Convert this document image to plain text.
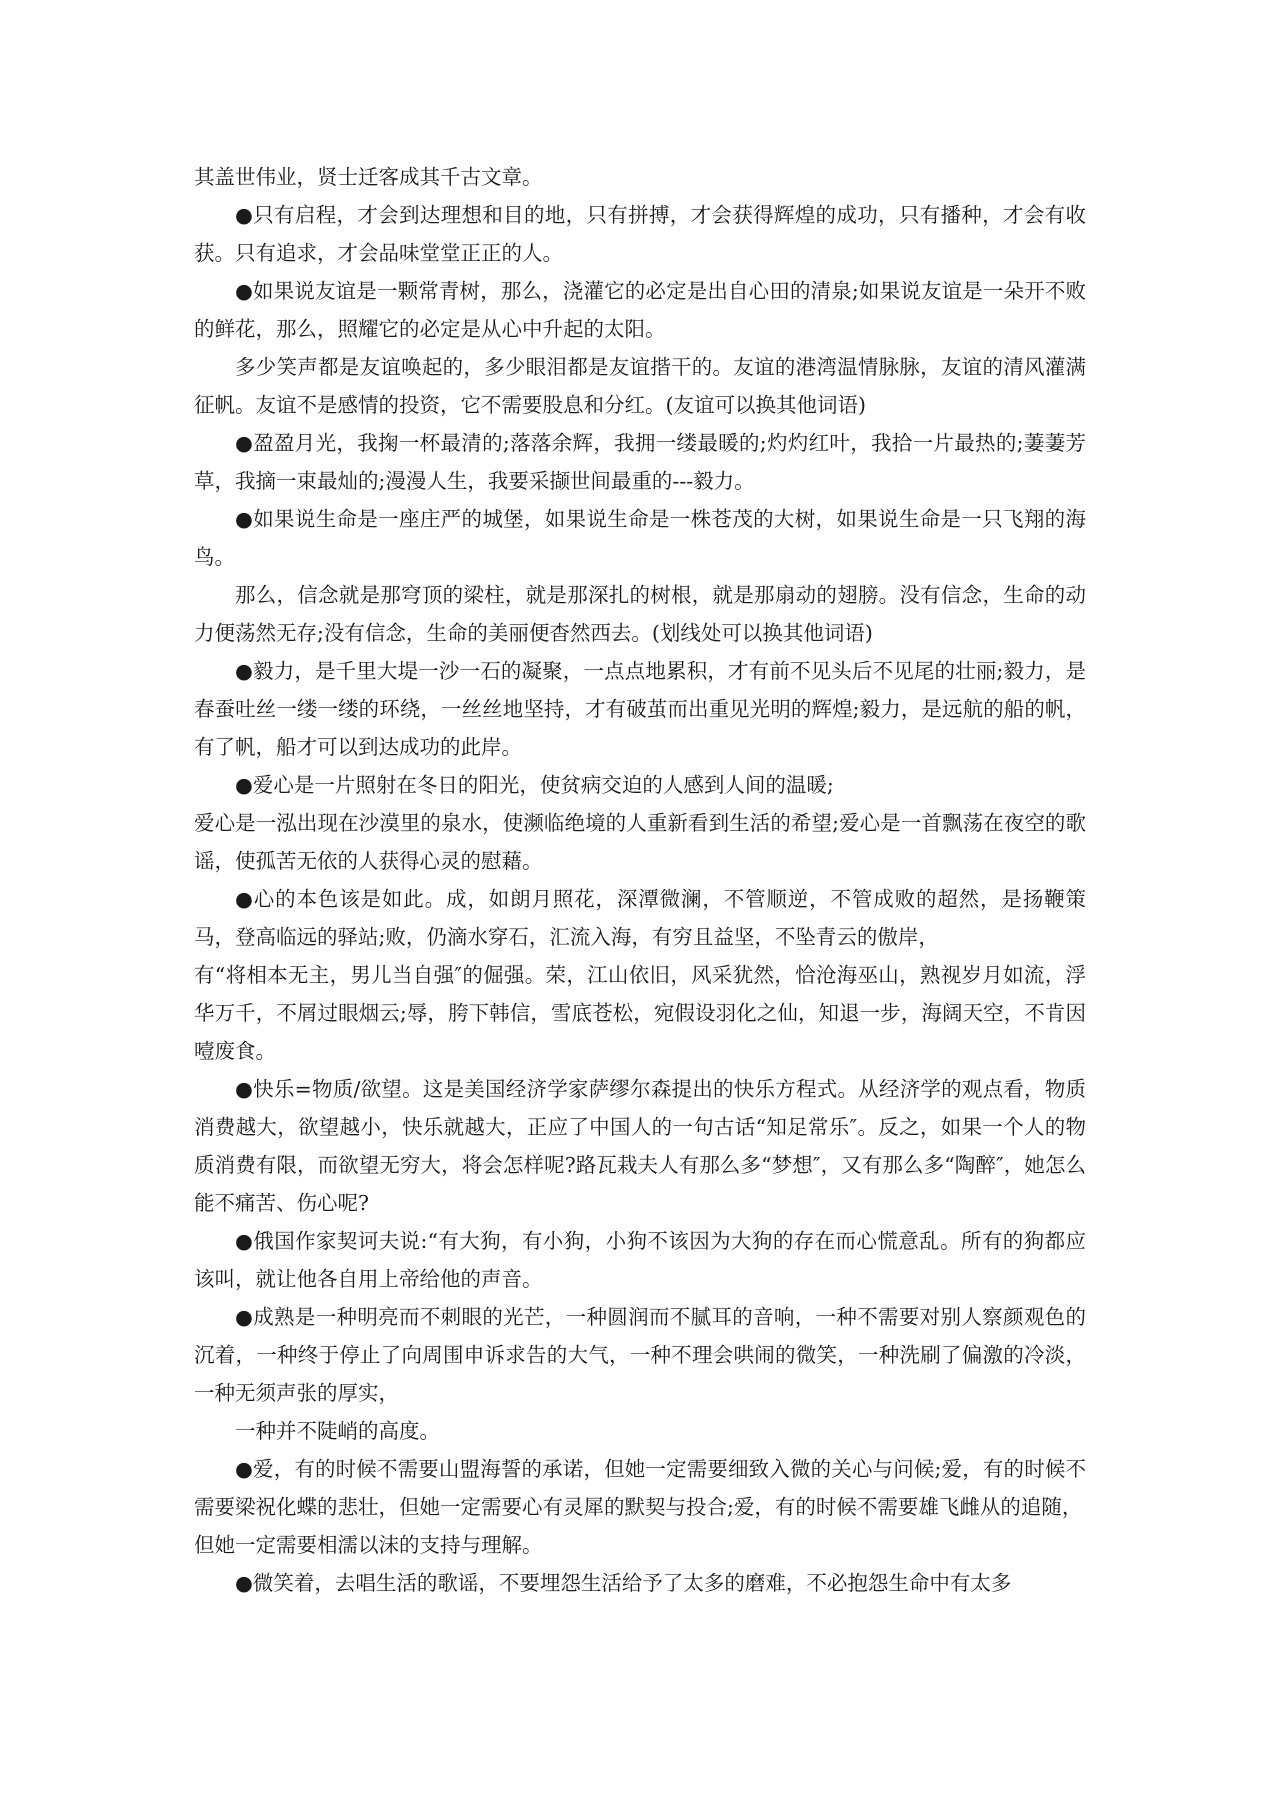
其盖世伟业，贤士迁客成其千古文章。

●只有启程，才会到达理想和目的地，只有拼搏，才会获得辉煌的成功，只有播种，才会有收获。只有追求，才会品味堂堂正正的人。

●如果说友谊是一颗常青树，那么，浇灌它的必定是出自心田的清泉;如果说友谊是一朵开不败的鲜花，那么，照耀它的必定是从心中升起的太阳。

多少笑声都是友谊唤起的，多少眼泪都是友谊揩干的。友谊的港湾温情脉脉，友谊的清风灌满征帆。友谊不是感情的投资，它不需要股息和分红。(友谊可以换其他词语)

●盈盈月光，我掬一杯最清的;落落余辉，我拥一缕最暖的;灼灼红叶，我拾一片最热的;萋萋芳草，我摘一束最灿的;漫漫人生，我要采撷世间最重的---毅力。

●如果说生命是一座庄严的城堡，如果说生命是一株苍茂的大树，如果说生命是一只飞翔的海鸟。

那么，信念就是那穹顶的梁柱，就是那深扎的树根，就是那扇动的翅膀。没有信念，生命的动力便荡然无存;没有信念，生命的美丽便杳然西去。(划线处可以换其他词语)

●毅力，是千里大堤一沙一石的凝聚，一点点地累积，才有前不见头后不见尾的壮丽;毅力，是春蚕吐丝一缕一缕的环绕，一丝丝地坚持，才有破茧而出重见光明的辉煌;毅力，是远航的船的帆，有了帆，船才可以到达成功的此岸。

●爱心是一片照射在冬日的阳光，使贫病交迫的人感到人间的温暖;

爱心是一泓出现在沙漠里的泉水，使濒临绝境的人重新看到生活的希望;爱心是一首飘荡在夜空的歌谣，使孤苦无依的人获得心灵的慰藉。

●心的本色该是如此。成，如朗月照花，深潭微澜，不管顺逆，不管成败的超然，是扬鞭策马，登高临远的驿站;败，仍滴水穿石，汇流入海，有穷且益坚，不坠青云的傲岸，

有“将相本无主，男儿当自强″的倔强。荣，江山依旧，风采犹然，恰沧海巫山，熟视岁月如流，浮华万千，不屑过眼烟云;辱，胯下韩信，雪底苍松，宛假设羽化之仙，知退一步，海阔天空，不肯因噎废食。

●快乐=物质/欲望。这是美国经济学家萨缪尔森提出的快乐方程式。从经济学的观点看，物质消费越大，欲望越小，快乐就越大，正应了中国人的一句古话“知足常乐″。反之，如果一个人的物质消费有限，而欲望无穷大，将会怎样呢?路瓦栽夫人有那么多“梦想″，又有那么多“陶醉″，她怎么能不痛苦、伤心呢?

●俄国作家契诃夫说:“有大狗，有小狗，小狗不该因为大狗的存在而心慌意乱。所有的狗都应该叫，就让他各自用上帝给他的声音。

●成熟是一种明亮而不刺眼的光芒，一种圆润而不腻耳的音响，一种不需要对别人察颜观色的沉着，一种终于停止了向周围申诉求告的大气，一种不理会哄闹的微笑，一种洗刷了偏激的冷淡，一种无须声张的厚实，

一种并不陡峭的高度。

●爱，有的时候不需要山盟海誓的承诺，但她一定需要细致入微的关心与问候;爱，有的时候不需要梁祝化蝶的悲壮，但她一定需要心有灵犀的默契与投合;爱，有的时候不需要雄飞雌从的追随，

但她一定需要相濡以沫的支持与理解。

●微笑着，去唱生活的歌谣，不要埋怨生活给予了太多的磨难，不必抱怨生命中有太多
